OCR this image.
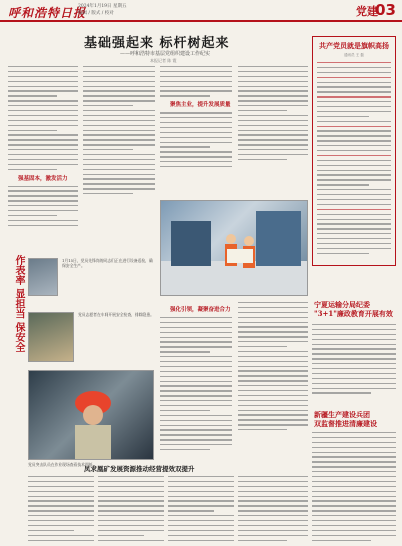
呼和浩特日报
2024年1月19日 星期五
编辑 / 版式 / 校对	党建
03
基础强起来 标杆树起来
——呼和浩特市基层党组织建设工作纪实
本报记者 陈 霞
强基固本，激发活力
聚焦主业，提升发展质量
强化引领，凝聚奋进合力
作表率 显担当 保安全	1月15日，党员先锋岗的同志们正在进行设备巡检，确保安全生产。
党员志愿者在车间开展安全检查，排除隐患。
党员突击队员在作业现场查看技术图纸。
共产党员就是旗帜高扬
通讯员 王 磊
宁夏运输分局纪委
"3+1"廉政教育开展有效
新疆生产建设兵团
双监督推进清廉建设
凤求凰矿发展资源推动经营提效双提升
